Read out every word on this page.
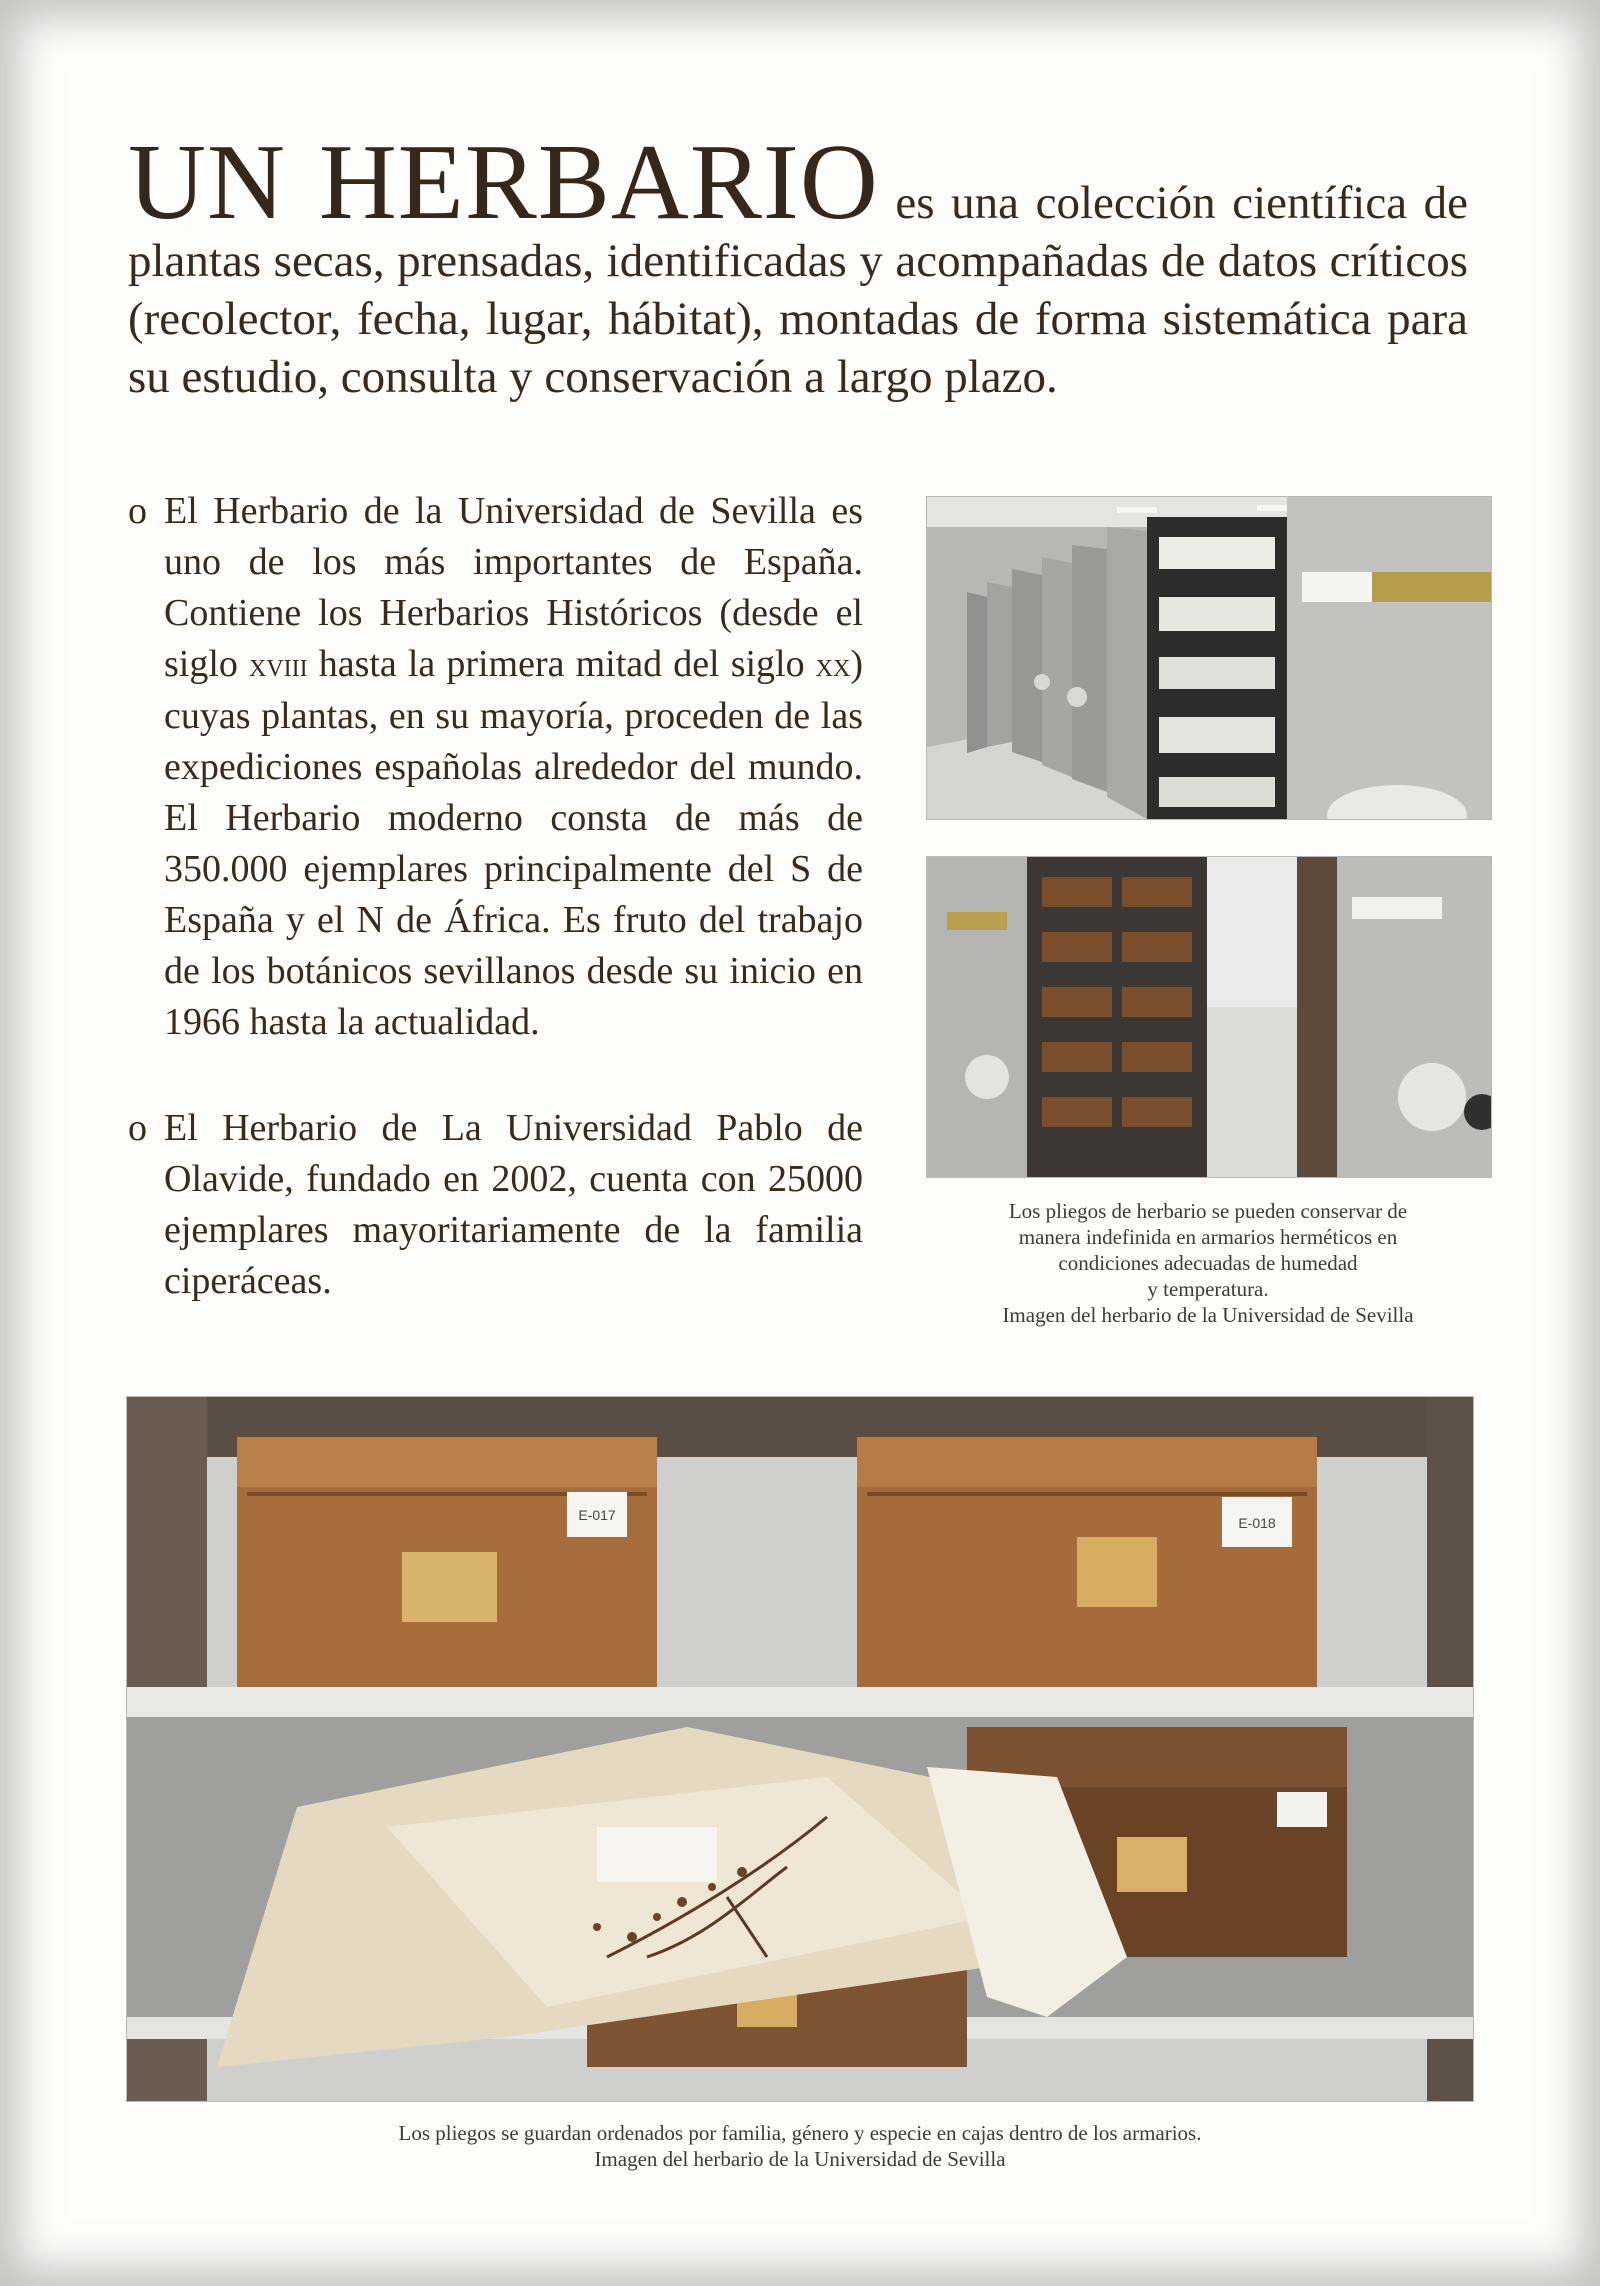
UN HERBARIO es una colección científica de plantas secas, prensadas, identificadas y acompañadas de datos críticos (recolector, fecha, lugar, hábitat), montadas de forma sistemática para su estudio, consulta y conservación a largo plazo.
o El Herbario de la Universidad de Sevilla es uno de los más importantes de España. Contiene los Herbarios Históricos (desde el siglo xviii hasta la primera mitad del siglo xx) cuyas plantas, en su mayoría, proceden de las expediciones españolas alrededor del mundo. El Herbario moderno consta de más de 350.000 ejemplares principalmente del S de España y el N de África. Es fruto del trabajo de los botánicos sevillanos desde su inicio en 1966 hasta la actualidad.
o El Herbario de La Universidad Pablo de Olavide, fundado en 2002, cuenta con 25000 ejemplares mayoritariamente de la familia ciperáceas.
Los pliegos de herbario se pueden conservar de
manera indefinida en armarios herméticos en
condiciones adecuadas de humedad
y temperatura.
Imagen del herbario de la Universidad de Sevilla
E-017	E-018
Los pliegos se guardan ordenados por familia, género y especie en cajas dentro de los armarios.
Imagen del herbario de la Universidad de Sevilla
